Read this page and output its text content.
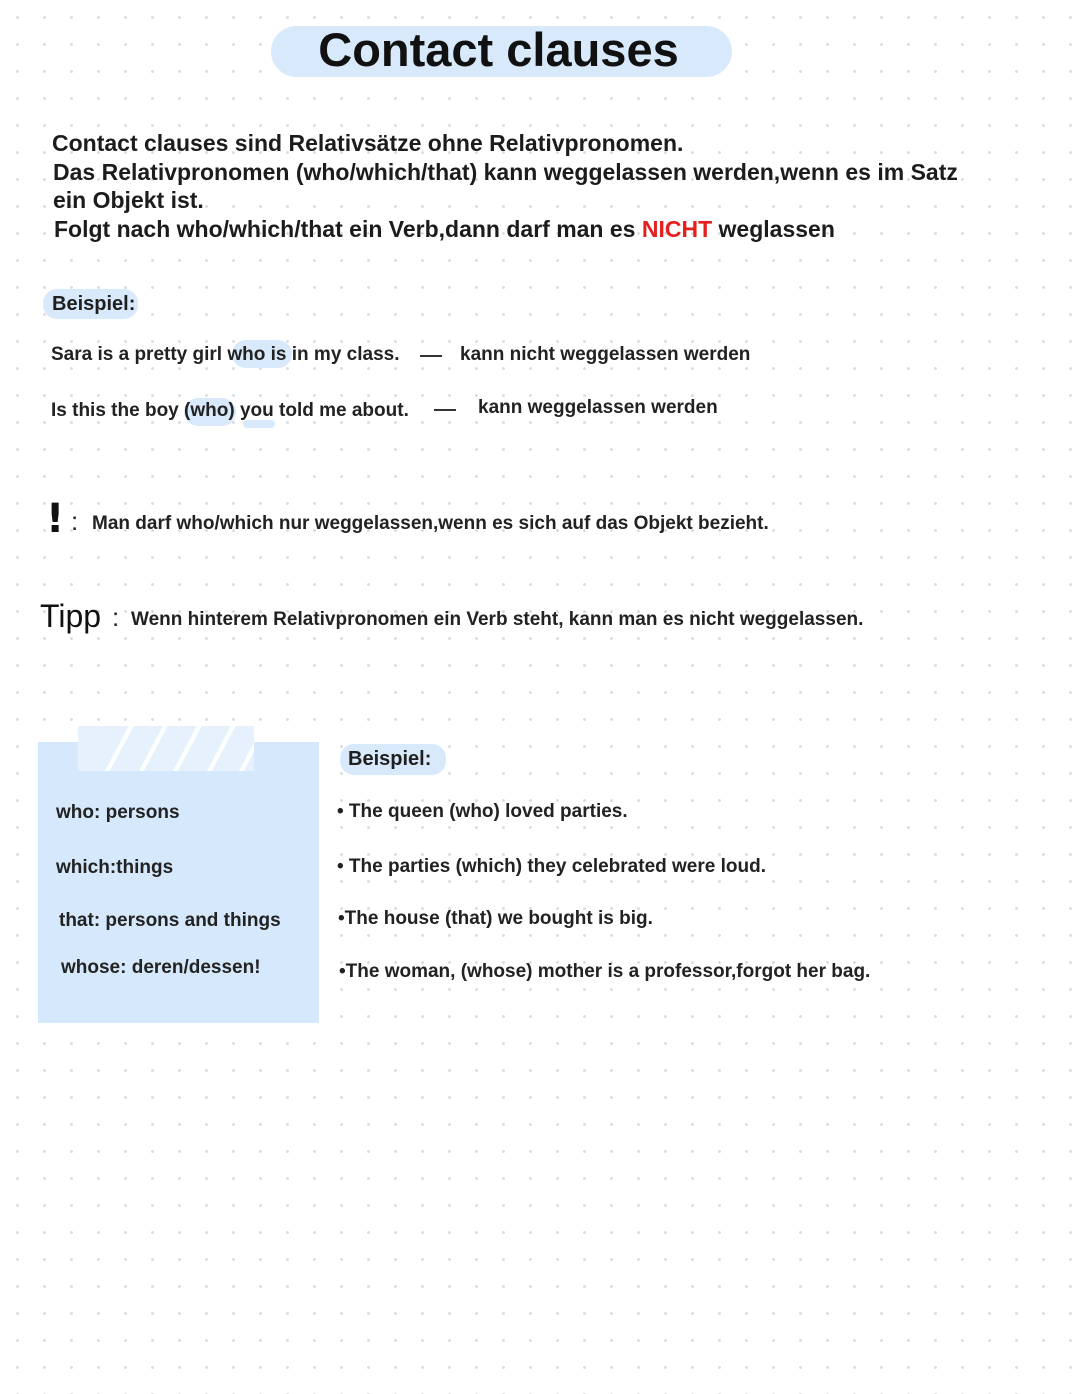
Contact clauses
Contact clauses sind Relativsätze ohne Relativpronomen.
Das Relativpronomen (who/which/that) kann weggelassen werden,wenn es im Satz
ein Objekt ist.
Folgt nach who/which/that ein Verb,dann darf man es NICHT weglassen
Beispiel:
Sara is a pretty girl who is in my class.	kann nicht weggelassen werden
Is this the boy (who) you told me about.	kann weggelassen werden
! : Man darf who/which nur weggelassen,wenn es sich auf das Objekt bezieht.
Tipp : Wenn hinterem Relativpronomen ein Verb steht, kann man es nicht weggelassen.
who: persons
which:things
that: persons and things
whose: deren/dessen!
Beispiel:
• The queen (who) loved parties.
• The parties (which) they celebrated were loud.
•The house (that) we bought is big.
•The woman, (whose) mother is a professor,forgot her bag.
